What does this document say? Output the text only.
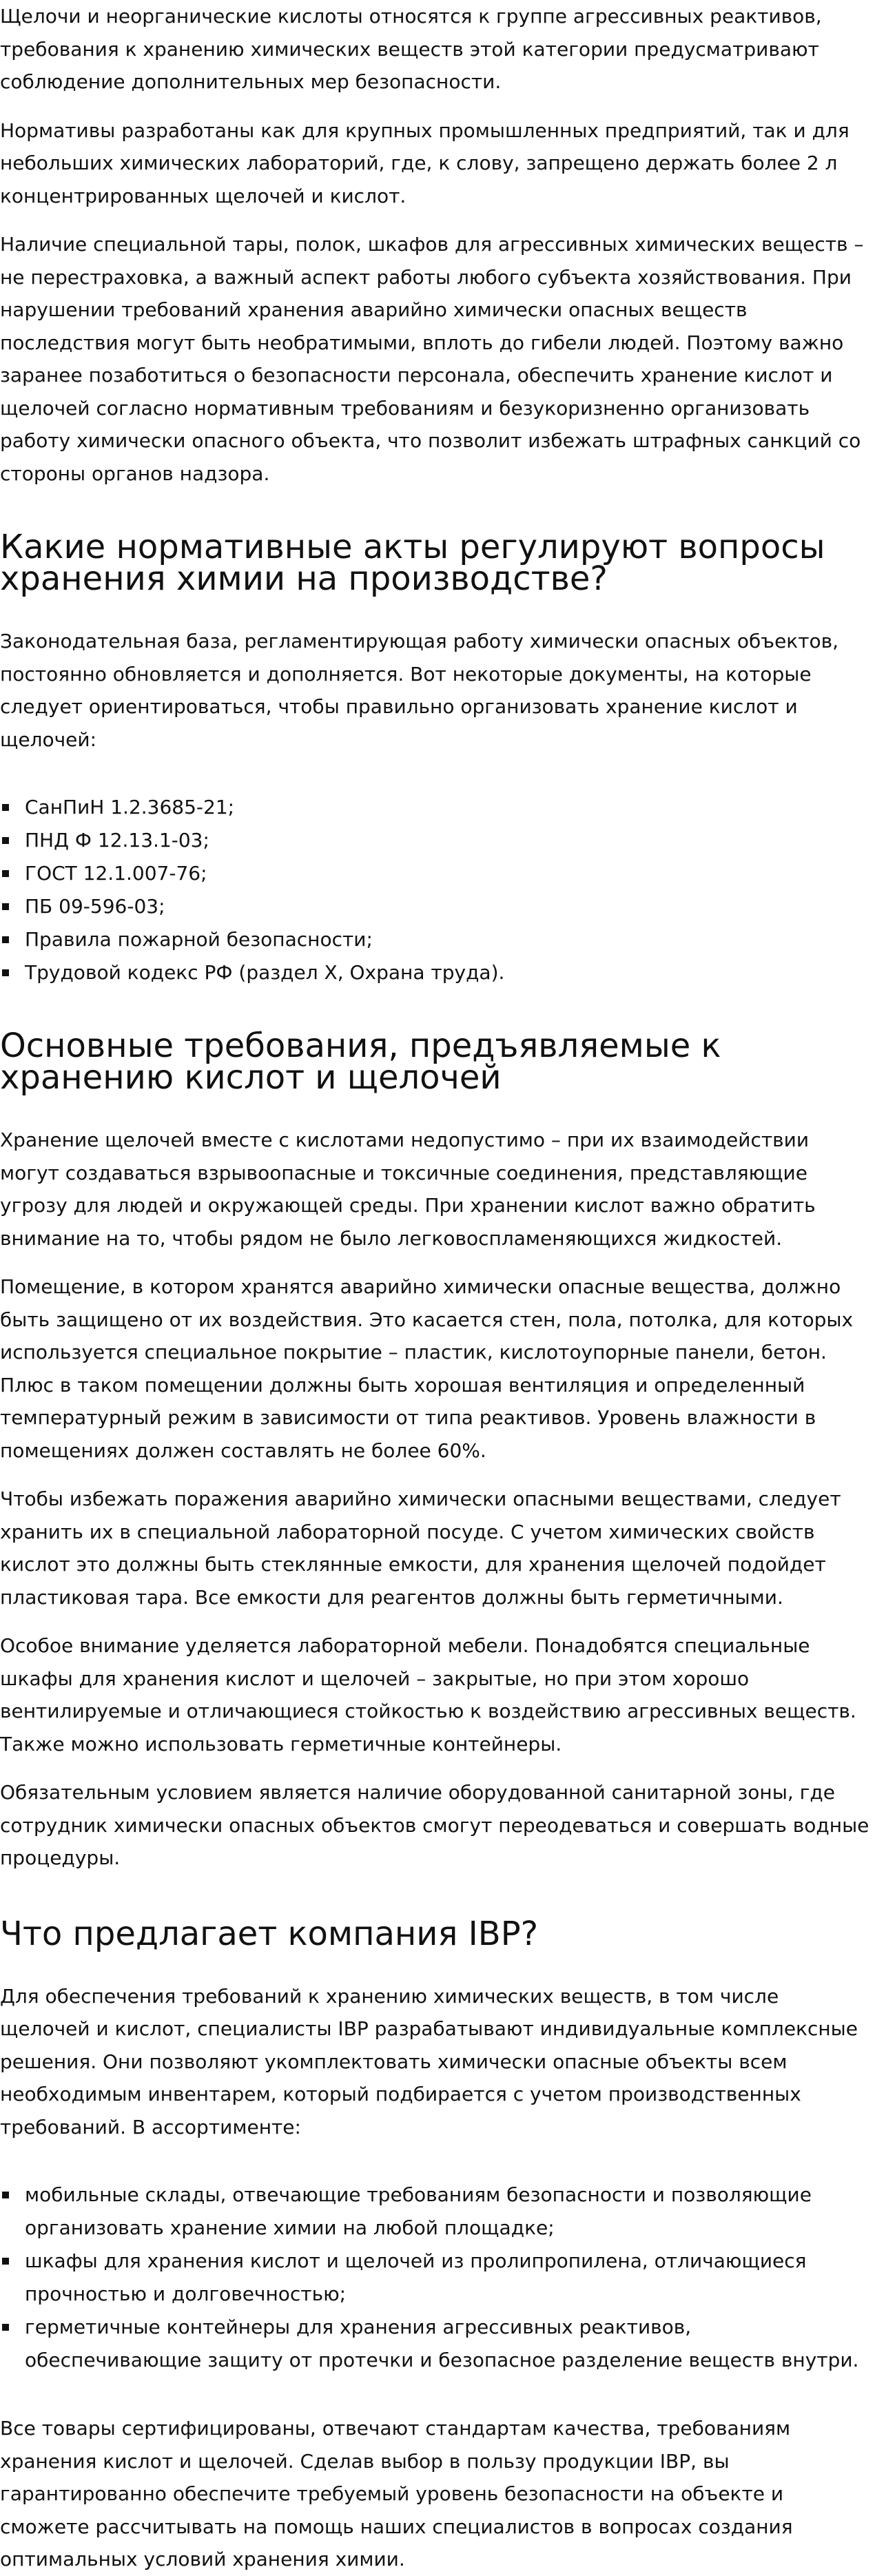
Щелочи и неорганические кислоты относятся к группе агрессивных реактивов, требования к хранению химических веществ этой категории предусматривают соблюдение дополнительных мер безопасности.

Нормативы разработаны как для крупных промышленных предприятий, так и для небольших химических лабораторий, где, к слову, запрещено держать более 2 л концентрированных щелочей и кислот.

Наличие специальной тары, полок, шкафов для агрессивных химических веществ – не перестраховка, а важный аспект работы любого субъекта хозяйствования. При нарушении требований хранения аварийно химически опасных веществ последствия могут быть необратимыми, вплоть до гибели людей. Поэтому важно заранее позаботиться о безопасности персонала, обеспечить хранение кислот и щелочей согласно нормативным требованиям и безукоризненно организовать работу химически опасного объекта, что позволит избежать штрафных санкций со стороны органов надзора.

Какие нормативные акты регулируют вопросы хранения химии на производстве?

Законодательная база, регламентирующая работу химически опасных объектов, постоянно обновляется и дополняется. Вот некоторые документы, на которые следует ориентироваться, чтобы правильно организовать хранение кислот и щелочей:

СанПиН 1.2.3685-21;
ПНД Ф 12.13.1-03;
ГОСТ 12.1.007-76;
ПБ 09-596-03;
Правила пожарной безопасности;
Трудовой кодекс РФ (раздел X, Охрана труда).
Основные требования, предъявляемые к хранению кислот и щелочей

Хранение щелочей вместе с кислотами недопустимо – при их взаимодействии могут создаваться взрывоопасные и токсичные соединения, представляющие угрозу для людей и окружающей среды. При хранении кислот важно обратить внимание на то, чтобы рядом не было легковоспламеняющихся жидкостей.

Помещение, в котором хранятся аварийно химически опасные вещества, должно быть защищено от их воздействия. Это касается стен, пола, потолка, для которых используется специальное покрытие – пластик, кислотоупорные панели, бетон. Плюс в таком помещении должны быть хорошая вентиляция и определенный температурный режим в зависимости от типа реактивов. Уровень влажности в помещениях должен составлять не более 60%.

Чтобы избежать поражения аварийно химически опасными веществами, следует хранить их в специальной лабораторной посуде. С учетом химических свойств кислот это должны быть стеклянные емкости, для хранения щелочей подойдет пластиковая тара. Все емкости для реагентов должны быть герметичными.

Особое внимание уделяется лабораторной мебели. Понадобятся специальные шкафы для хранения кислот и щелочей – закрытые, но при этом хорошо вентилируемые и отличающиеся стойкостью к воздействию агрессивных веществ. Также можно использовать герметичные контейнеры.

Обязательным условием является наличие оборудованной санитарной зоны, где сотрудник химически опасных объектов смогут переодеваться и совершать водные процедуры.

Что предлагает компания IBP?

Для обеспечения требований к хранению химических веществ, в том числе щелочей и кислот, специалисты IBP разрабатывают индивидуальные комплексные решения. Они позволяют укомплектовать химически опасные объекты всем необходимым инвентарем, который подбирается с учетом производственных требований. В ассортименте:

мобильные склады, отвечающие требованиям безопасности и позволяющие организовать хранение химии на любой площадке;
шкафы для хранения кислот и щелочей из пролипропилена, отличающиеся прочностью и долговечностью;
герметичные контейнеры для хранения агрессивных реактивов, обеспечивающие защиту от протечки и безопасное разделение веществ внутри.

Все товары сертифицированы, отвечают стандартам качества, требованиям хранения кислот и щелочей. Сделав выбор в пользу продукции IBP, вы гарантированно обеспечите требуемый уровень безопасности на объекте и сможете рассчитывать на помощь наших специалистов в вопросах создания оптимальных условий хранения химии.
